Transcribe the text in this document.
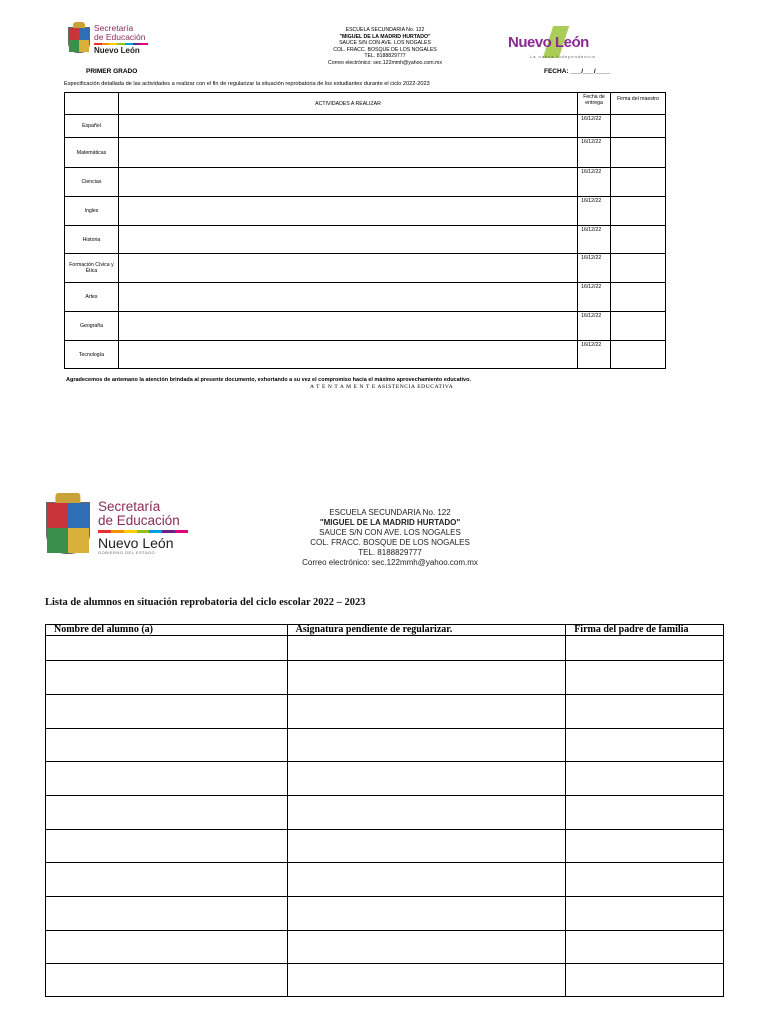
Secretaría
de Educación
Nuevo León
ESCUELA SECUNDARIA No. 122
"MIGUEL DE LA MADRID HURTADO"
SAUCE S/N CON AVE. LOS NOGALES
COL. FRACC. BOSQUE DE LOS NOGALES
TEL. 8188829777
Correo electrónico: sec.122mmh@yahoo.com.mx
Nuevo León
La nueva independencia
PRIMER GRADO	FECHA: ___/___/____
Especificación detallada de las actividades a realizar con el fin de regularizar la situación reprobatoria de los estudiantes durante el ciclo 2022-2023
	ACTIVIDADES A REALIZAR	Fecha de entrega	Firma del maestro
Español		16/12/22	
Matemáticas		16/12/22	
Ciencias		16/12/22	
Ingles		16/12/22	
Historia		16/12/22	
Formación Cívica y Ética		16/12/22	
Artes		16/12/22	
Geografía		16/12/22	
Tecnología		16/12/22	
Agradecemos de antemano la atención brindada al presente documento, exhortando a su vez el compromiso hacia el máximo aprovechamiento educativo.
A T E N T A M E N T E ASISTENCIA EDUCATIVA
Secretaría
de Educación
Nuevo León
GOBIERNO DEL ESTADO
ESCUELA SECUNDARIA No. 122
"MIGUEL DE LA MADRID HURTADO"
SAUCE S/N CON AVE. LOS NOGALES
COL. FRACC. BOSQUE DE LOS NOGALES
TEL. 8188829777
Correo electrónico: sec.122mmh@yahoo.com.mx
Lista de alumnos en situación reprobatoria del ciclo escolar 2022 – 2023
Nombre del alumno (a)	Asignatura pendiente de regularizar.	Firma del padre de familia
